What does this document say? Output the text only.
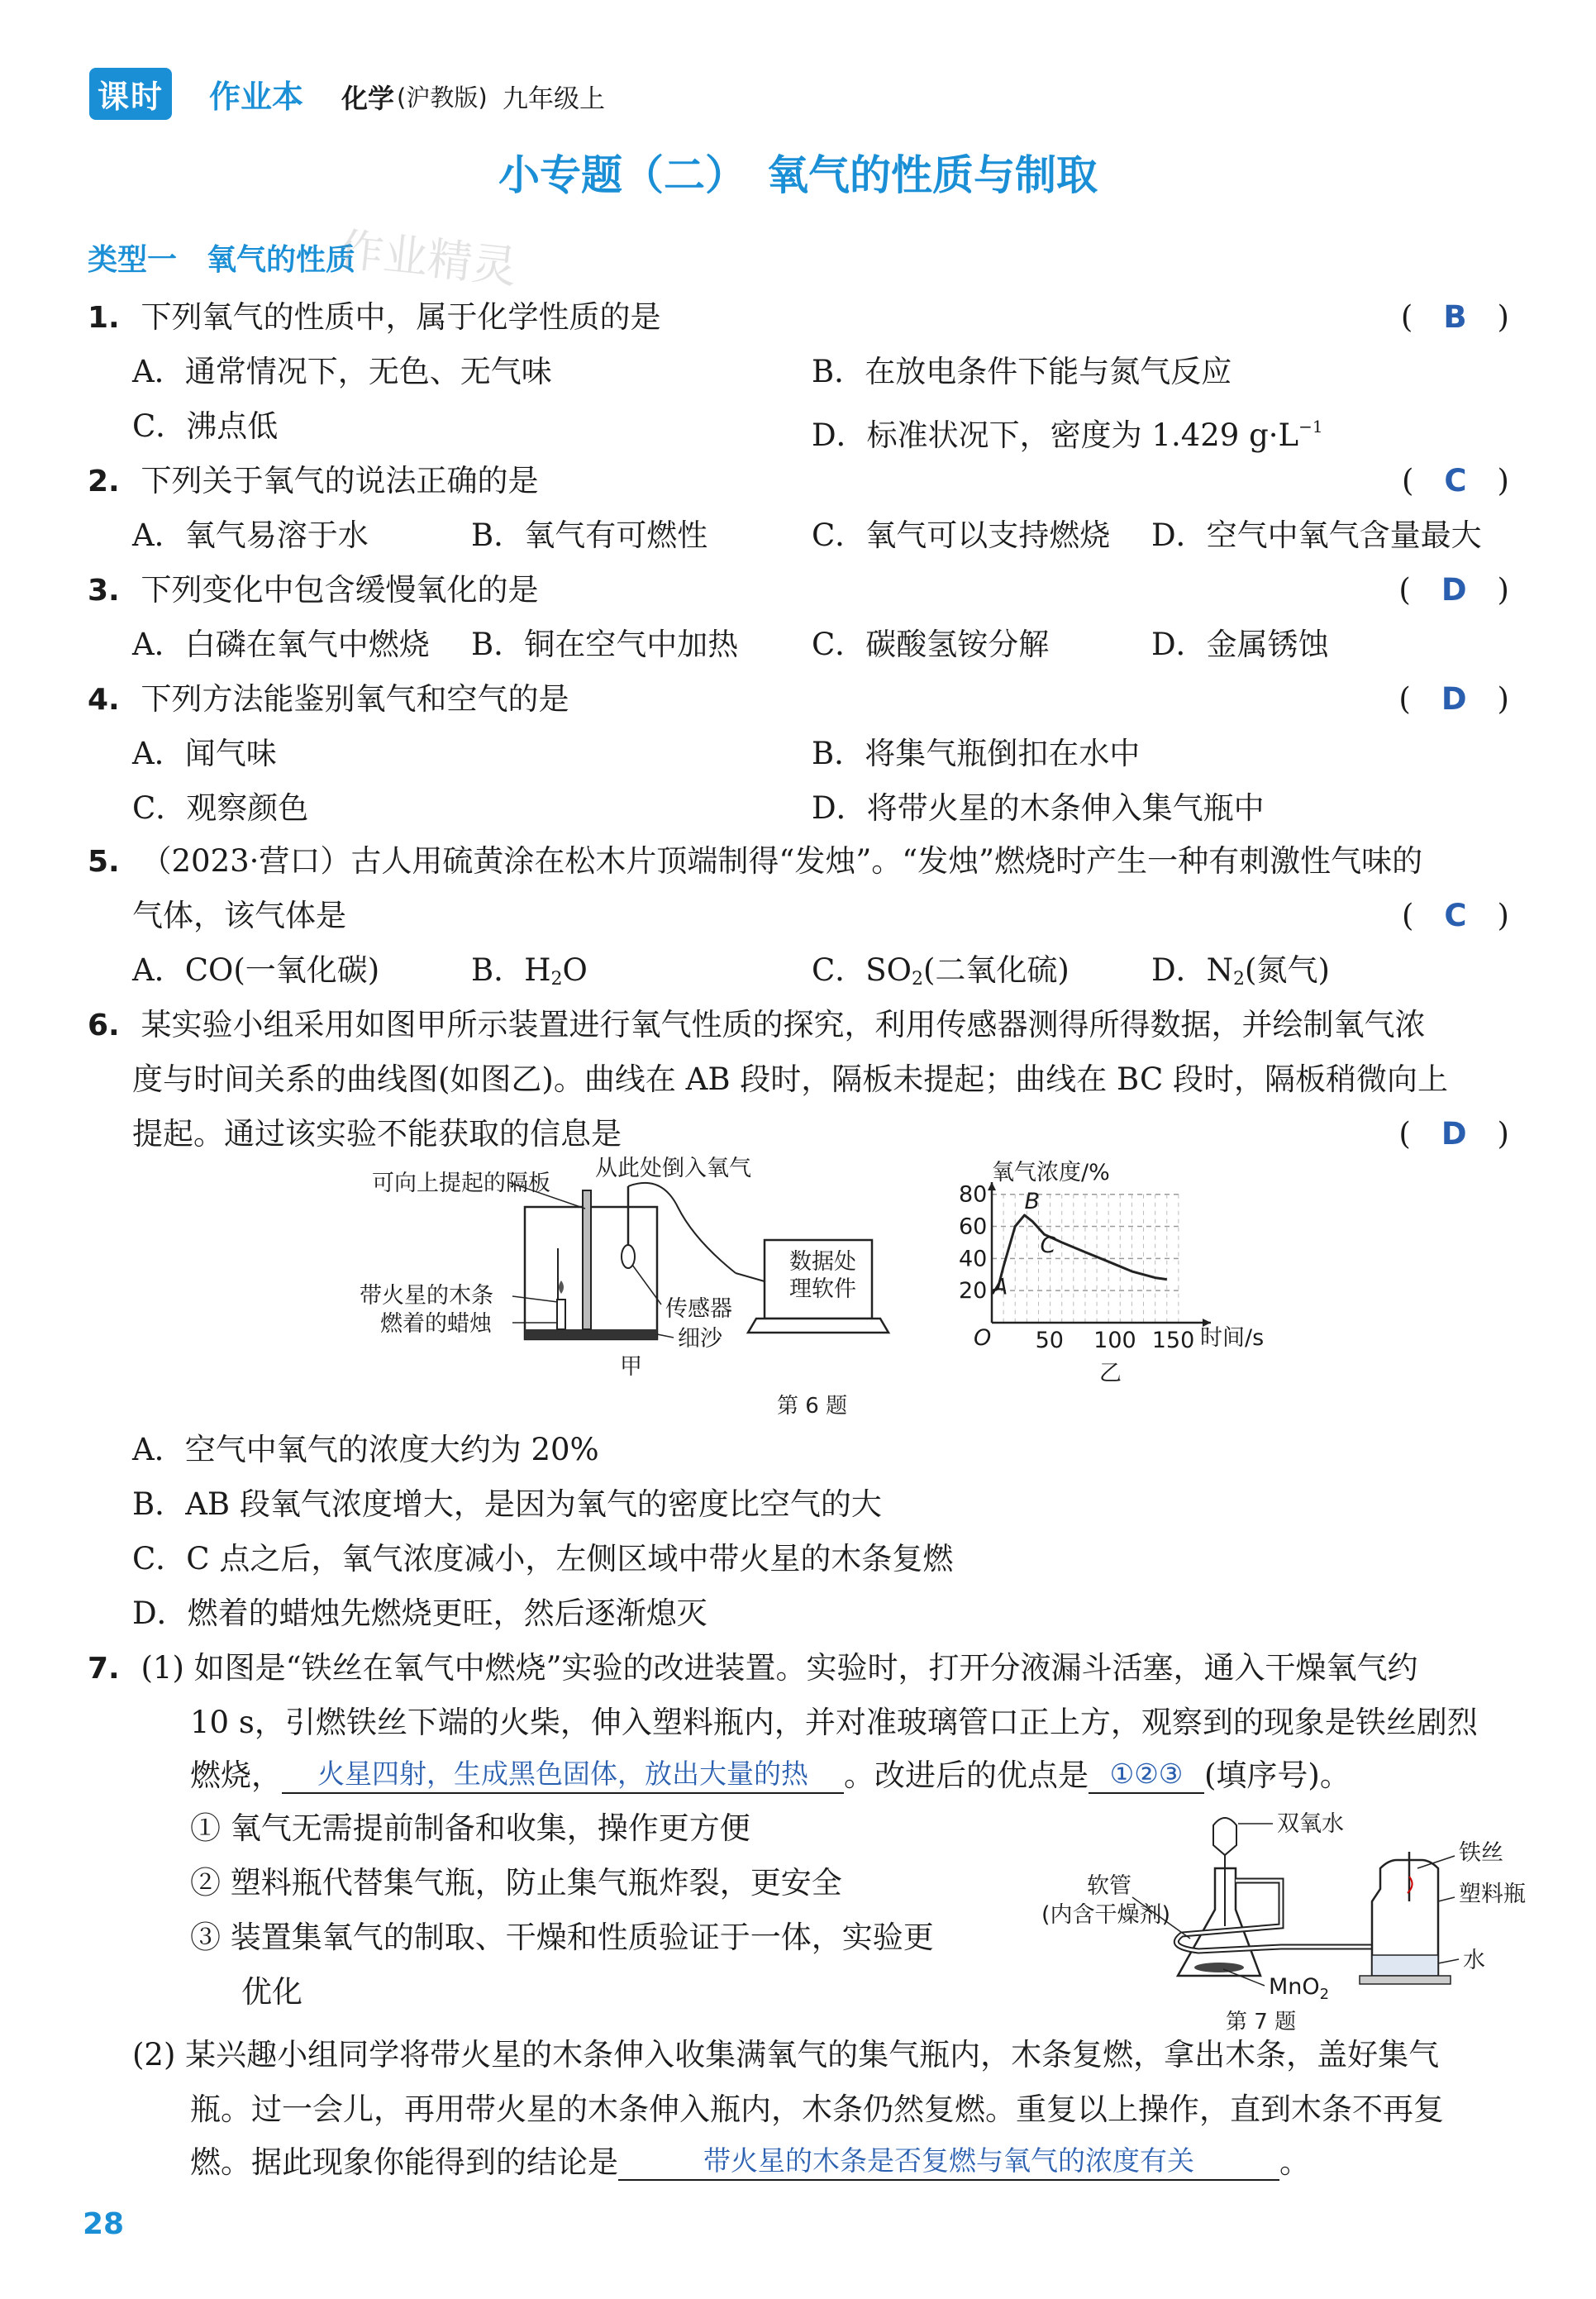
课时 作业本 化学 (沪教版) 九年级上
小专题（二）　氧气的性质与制取
类型一　氧气的性质
作业精灵
1. 下列氧气的性质中，属于化学性质的是	(　B　)
A．通常情况下，无色、无气味	B．在放电条件下能与氮气反应
C．沸点低	D．标准状况下，密度为 1.429 $g\cdot L^{-1}$
2. 下列关于氧气的说法正确的是	(　C　)
A．氧气易溶于水	B．氧气有可燃性	C．氧气可以支持燃烧 D．空气中氧气含量最大
3. 下列变化中包含缓慢氧化的是	(　D　)
A．白磷在氧气中燃烧 B．铜在空气中加热 C．碳酸氢铵分解	D．金属锈蚀
4. 下列方法能鉴别氧气和空气的是	(　D　)
A．闻气味	B．将集气瓶倒扣在水中
C．观察颜色	D．将带火星的木条伸入集气瓶中
5. （2023·营口）古人用硫黄涂在松木片顶端制得“发烛”。“发烛”燃烧时产生一种有刺激性气味的
气体，该气体是	(　C　)
A．CO(一氧化碳)	B．$H_2O$	C．$SO_2$(二氧化硫)	D．$N_2$(氮气)
6. 某实验小组采用如图甲所示装置进行氧气性质的探究，利用传感器测得所得数据，并绘制氧气浓
度与时间关系的曲线图(如图乙)。曲线在 AB 段时，隔板未提起；曲线在 BC 段时，隔板稍微向上
提起。通过该实验不能获取的信息是	(　D　)
可向上提起的隔板
从此处倒入氧气
带火星的木条
燃着的蜡烛
传感器
细沙
数据处
理软件
甲
氧气浓度/%
时间/s
O
乙
20
40
60
80
50 100 150
A
B
C
第 6 题
A．空气中氧气的浓度大约为 20%
B．AB 段氧气浓度增大，是因为氧气的密度比空气的大
C．C 点之后，氧气浓度减小，左侧区域中带火星的木条复燃
D．燃着的蜡烛先燃烧更旺，然后逐渐熄灭
7. (1) 如图是“铁丝在氧气中燃烧”实验的改进装置。实验时，打开分液漏斗活塞，通入干燥氧气约
10 s，引燃铁丝下端的火柴，伸入塑料瓶内，并对准玻璃管口正上方，观察到的现象是铁丝剧烈
燃烧， 火星四射，生成黑色固体，放出大量的热 。改进后的优点是 ①②③ (填序号)。
① 氧气无需提前制备和收集，操作更方便
② 塑料瓶代替集气瓶，防止集气瓶炸裂，更安全
③ 装置集氧气的制取、干燥和性质验证于一体，实验更
优化
双氧水
铁丝
塑料瓶
软管
(内含干燥剂)
MnO$_2$
水
第 7 题
(2) 某兴趣小组同学将带火星的木条伸入收集满氧气的集气瓶内，木条复燃，拿出木条，盖好集气
瓶。过一会儿，再用带火星的木条伸入瓶内，木条仍然复燃。重复以上操作，直到木条不再复
燃。据此现象你能得到的结论是	带火星的木条是否复燃与氧气的浓度有关	。
28
